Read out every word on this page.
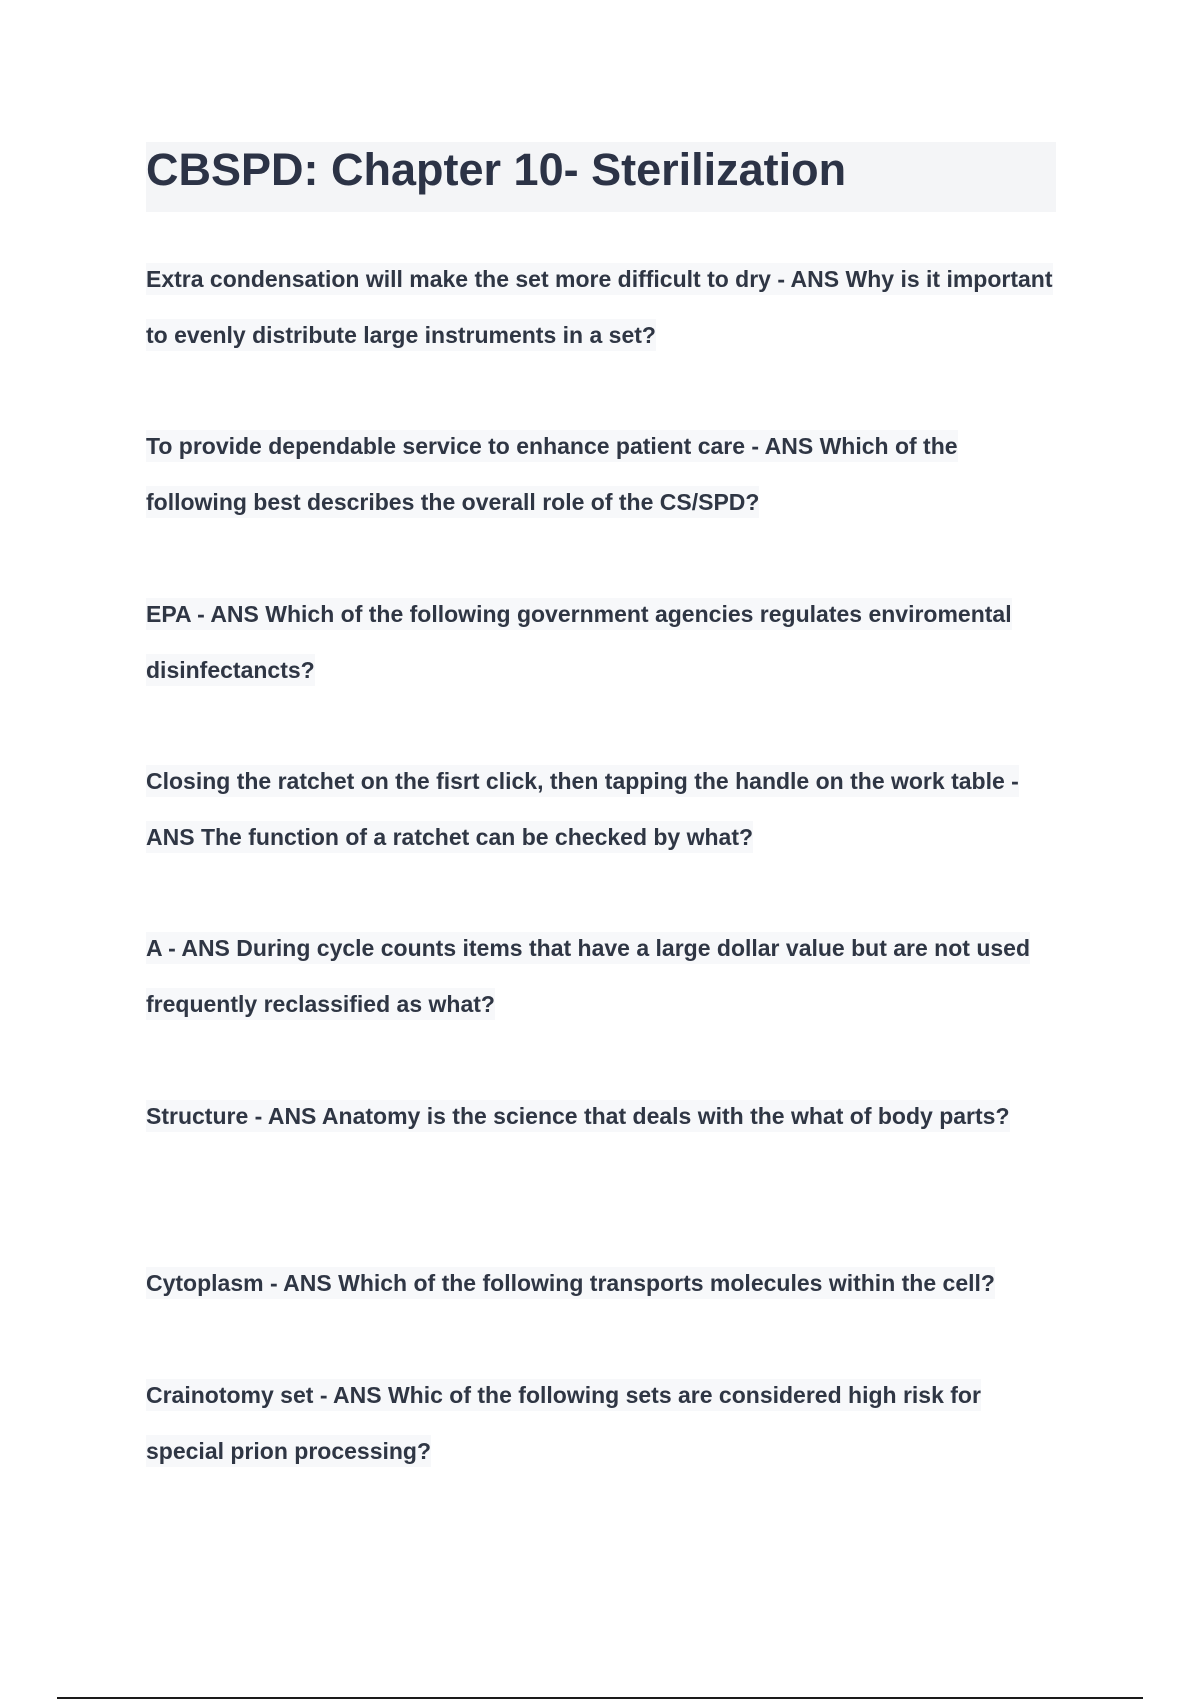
CBSPD: Chapter 10- Sterilization

Extra condensation will make the set more difficult to dry - ANS Why is it important to evenly distribute large instruments in a set?

To provide dependable service to enhance patient care - ANS Which of the following best describes the overall role of the CS/SPD?

EPA - ANS Which of the following government agencies regulates enviromental disinfectancts?

Closing the ratchet on the fisrt click, then tapping the handle on the work table - ANS The function of a ratchet can be checked by what?

A - ANS During cycle counts items that have a large dollar value but are not used frequently reclassified as what?

Structure - ANS Anatomy is the science that deals with the what of body parts?

Cytoplasm - ANS Which of the following transports molecules within the cell?

Crainotomy set - ANS Whic of the following sets are considered high risk for special prion processing?
